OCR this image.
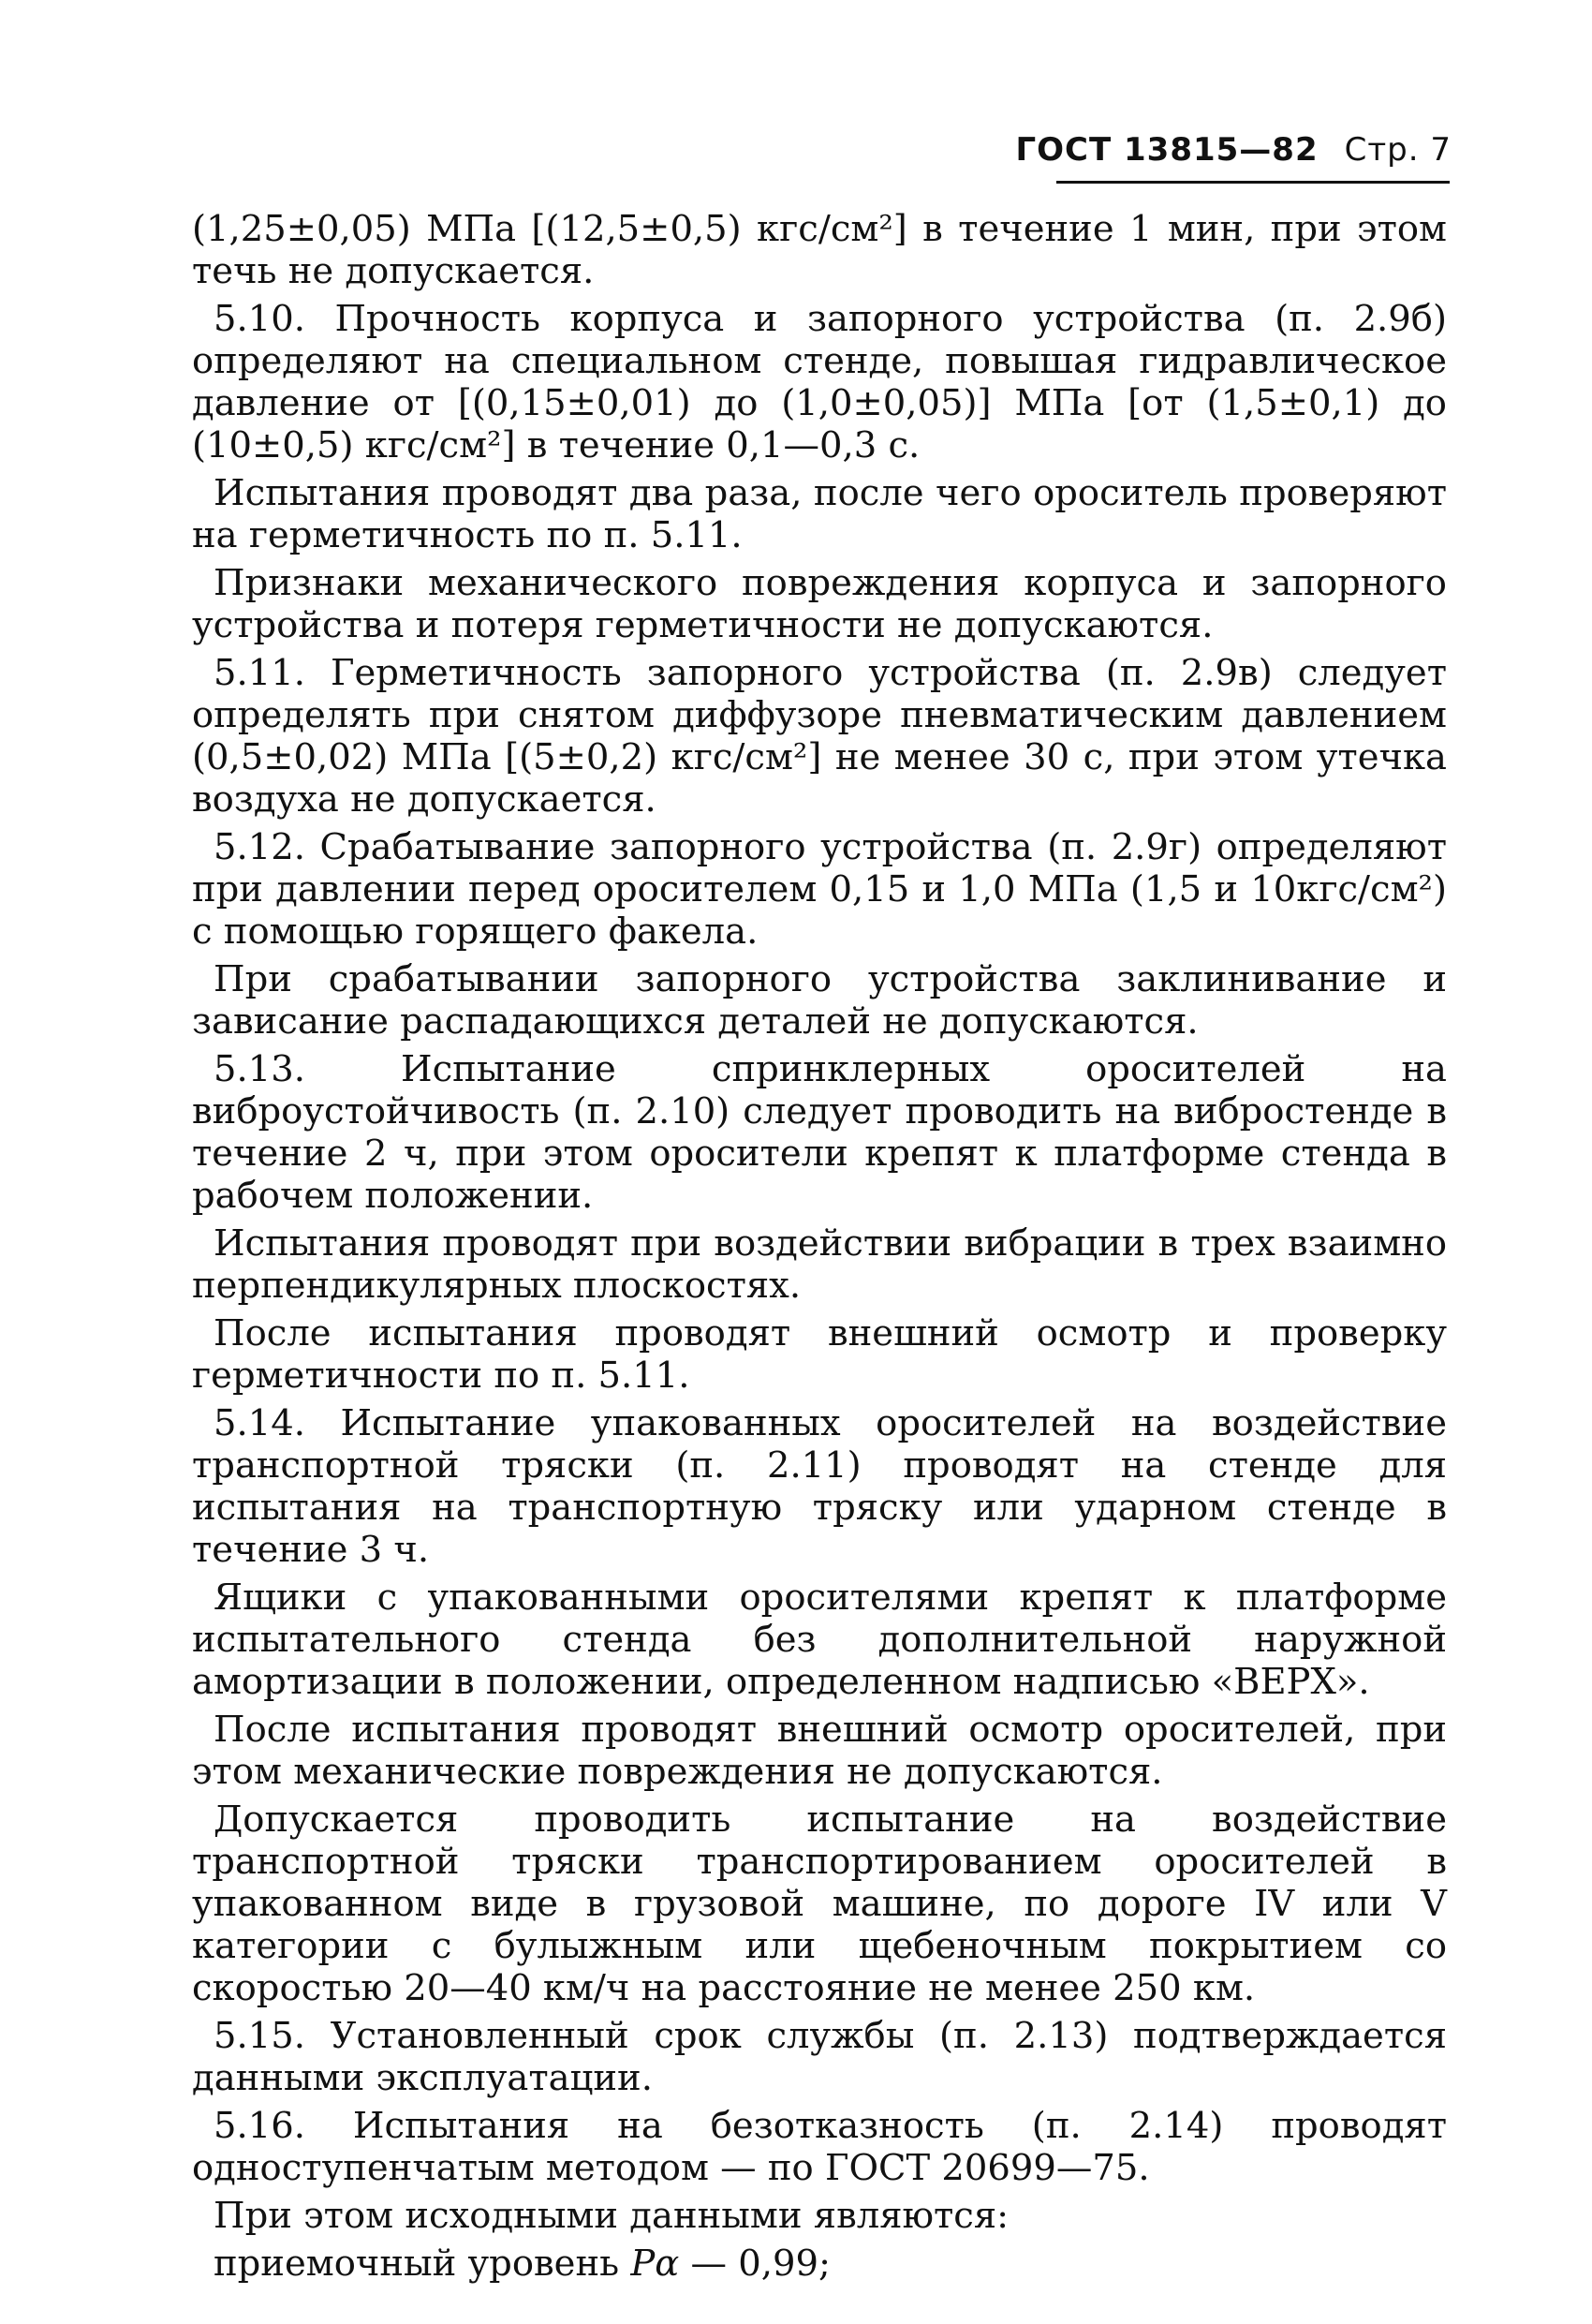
ГОСТ 13815—82 Стр. 7

(1,25±0,05) МПа [(12,5±0,5) кгс/см²] в течение 1 мин, при этом течь не допускается.

5.10. Прочность корпуса и запорного устройства (п. 2.9б) определяют на специальном стенде, повышая гидравлическое давление от [(0,15±0,01) до (1,0±0,05)] МПа [от (1,5±0,1) до (10±0,5) кгс/см²] в течение 0,1—0,3 с.

Испытания проводят два раза, после чего ороситель проверяют на герметичность по п. 5.11.

Признаки механического повреждения корпуса и запорного устройства и потеря герметичности не допускаются.

5.11. Герметичность запорного устройства (п. 2.9в) следует определять при снятом диффузоре пневматическим давлением (0,5±0,02) МПа [(5±0,2) кгс/см²] не менее 30 с, при этом утечка воздуха не допускается.

5.12. Срабатывание запорного устройства (п. 2.9г) определяют при давлении перед оросителем 0,15 и 1,0 МПа (1,5 и 10кгс/см²) с помощью горящего факела.

При срабатывании запорного устройства заклинивание и зависание распадающихся деталей не допускаются.

5.13. Испытание спринклерных оросителей на виброустойчивость (п. 2.10) следует проводить на вибростенде в течение 2 ч, при этом оросители крепят к платформе стенда в рабочем положении.

Испытания проводят при воздействии вибрации в трех взаимно перпендикулярных плоскостях.

После испытания проводят внешний осмотр и проверку герметичности по п. 5.11.

5.14. Испытание упакованных оросителей на воздействие транспортной тряски (п. 2.11) проводят на стенде для испытания на транспортную тряску или ударном стенде в течение 3 ч.

Ящики с упакованными оросителями крепят к платформе испытательного стенда без дополнительной наружной амортизации в положении, определенном надписью «ВЕРХ».

После испытания проводят внешний осмотр оросителей, при этом механические повреждения не допускаются.

Допускается проводить испытание на воздействие транспортной тряски транспортированием оросителей в упакованном виде в грузовой машине, по дороге IV или V категории с булыжным или щебеночным покрытием со скоростью 20—40 км/ч на расстояние не менее 250 км.

5.15. Установленный срок службы (п. 2.13) подтверждается данными эксплуатации.

5.16. Испытания на безотказность (п. 2.14) проводят одноступенчатым методом — по ГОСТ 20699—75.

При этом исходными данными являются:

приемочный уровень Pα — 0,99;
